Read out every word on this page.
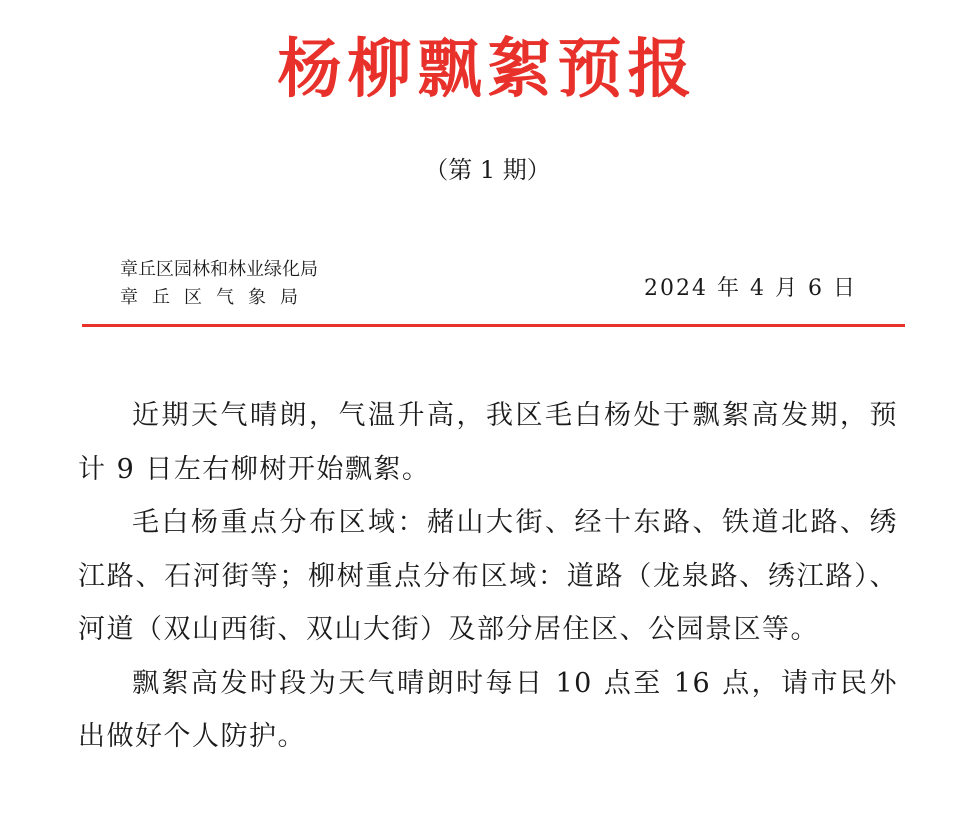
杨柳飘絮预报
（第 1 期）
章丘区园林和林业绿化局
章丘区气象局	2024 年 4 月 6 日

近期天气晴朗，气温升高，我区毛白杨处于飘絮高发期，预计 9 日左右柳树开始飘絮。

毛白杨重点分布区域：赭山大街、经十东路、铁道北路、绣江路、石河街等；柳树重点分布区域：道路（龙泉路、绣江路）、河道（双山西街、双山大街）及部分居住区、公园景区等。

飘絮高发时段为天气晴朗时每日 10 点至 16 点，请市民外出做好个人防护。
